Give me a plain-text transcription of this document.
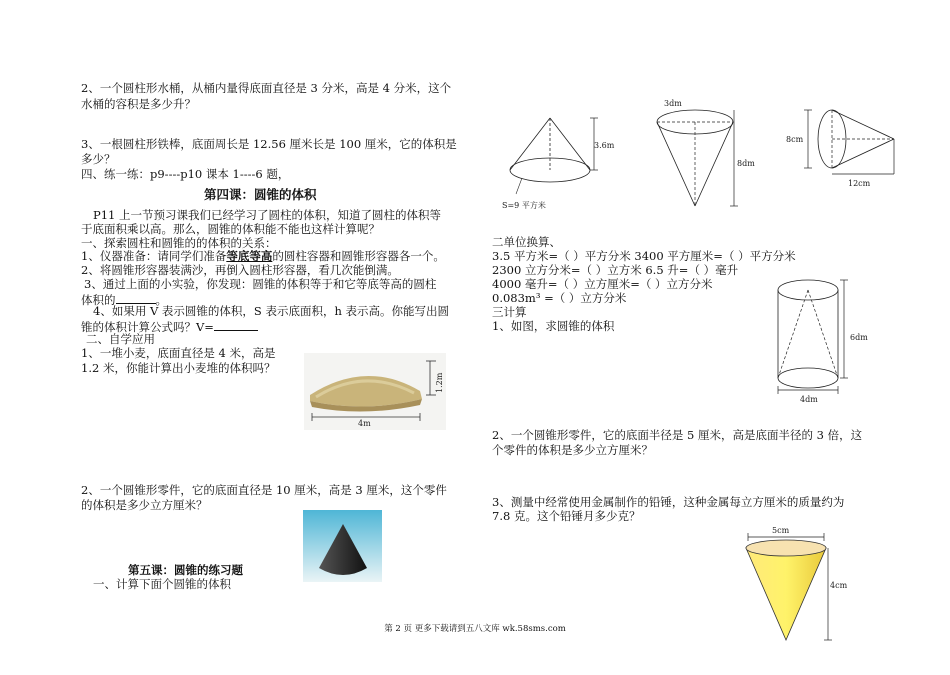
2、一个圆柱形水桶，从桶内量得底面直径是 3 分米，高是 4 分米，这个
水桶的容积是多少升？
3、一根圆柱形铁棒，底面周长是 12.56 厘米长是 100 厘米，它的体积是
多少？
四、练一练：p9----p10 课本 1----6 题，
第四课：圆锥的体积
P11 上一节预习课我们已经学习了圆柱的体积，知道了圆柱的体积等
于底面积乘以高。那么，圆锥的体积能不能也这样计算呢？
一、探索圆柱和圆锥的的体积的关系：
1、仪器准备：请同学们准备等底等高的圆柱容器和圆锥形容器各一个。
2、将圆锥形容器装满沙，再倒入圆柱形容器，看几次能倒满。
3、通过上面的小实验，你发现：圆锥的体积等于和它等底等高的圆柱
体积的	。
4、如果用 V 表示圆锥的体积，S 表示底面积，h 表示高。你能写出圆
锥的体积计算公式吗？V=
二、自学应用
1、一堆小麦，底面直径是 4 米，高是
1.2 米，你能计算出小麦堆的体积吗？
4m
1.2m
2、一个圆锥形零件，它的底面直径是 10 厘米，高是 3 厘米，这个零件
的体积是多少立方厘米？
第五课：圆锥的练习题
一、计算下面个圆锥的体积
3.6m
S=9 平方米
3dm
8dm
8cm
12cm
二单位换算、
3.5 平方米=（ ）平方分米 3400 平方厘米=（ ）平方分米
2300 立方分米=（ ）立方米 6.5 升=（ ）毫升
4000 毫升=（ ）立方厘米=（ ）立方分米
0.083m³ =（ ）立方分米
三计算
1、如图，求圆锥的体积
6dm
4dm
2、一个圆锥形零件，它的底面半径是 5 厘米，高是底面半径的 3 倍，这
个零件的体积是多少立方厘米？
3、测量中经常使用金属制作的铅锤，这种金属每立方厘米的质量约为
7.8 克。这个铅锤月多少克？
5cm
4cm
第 2 页 更多下载请到五八文库 wk.58sms.com
